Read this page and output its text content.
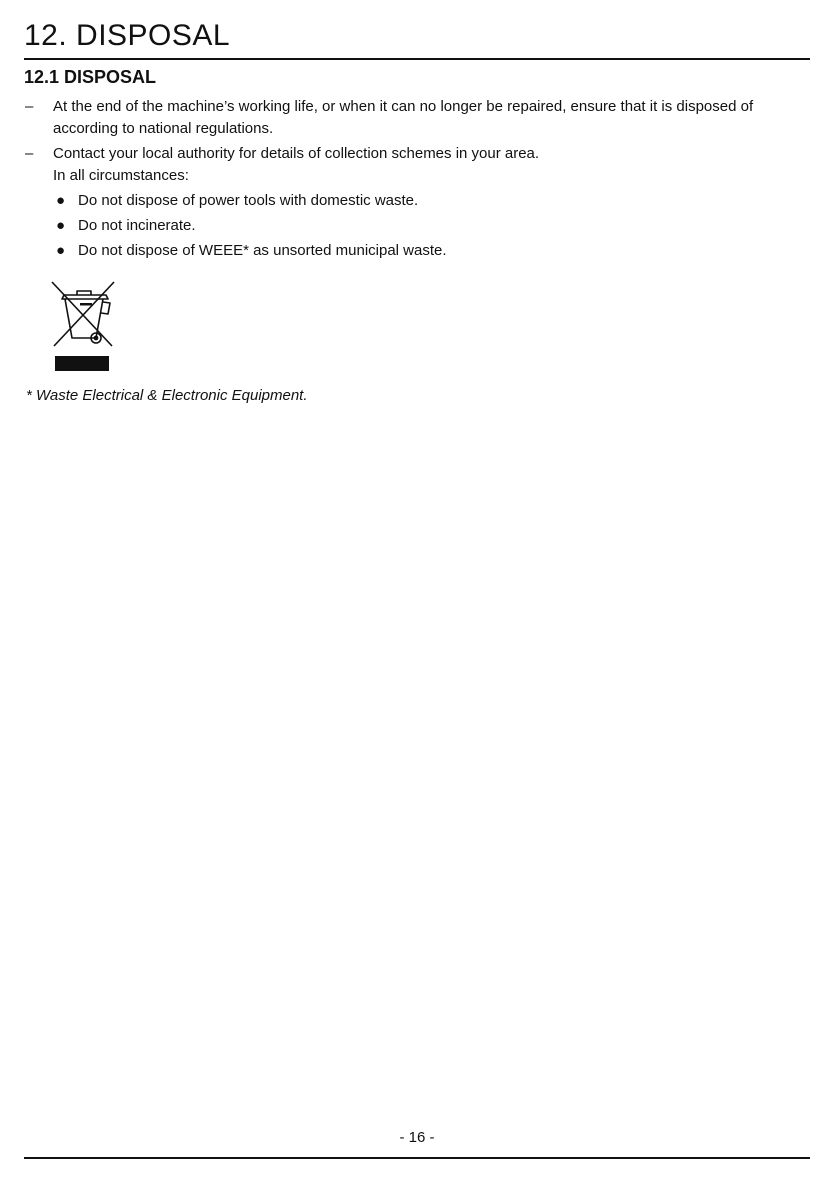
12. DISPOSAL
12.1 DISPOSAL
– At the end of the machine’s working life, or when it can no longer be repaired, ensure that it is disposed of according to national regulations.
– Contact your local authority for details of collection schemes in your area.
In all circumstances:
● Do not dispose of power tools with domestic waste.
● Do not incinerate.
● Do not dispose of WEEE* as unsorted municipal waste.

* Waste Electrical & Electronic Equipment.

- 16 -
